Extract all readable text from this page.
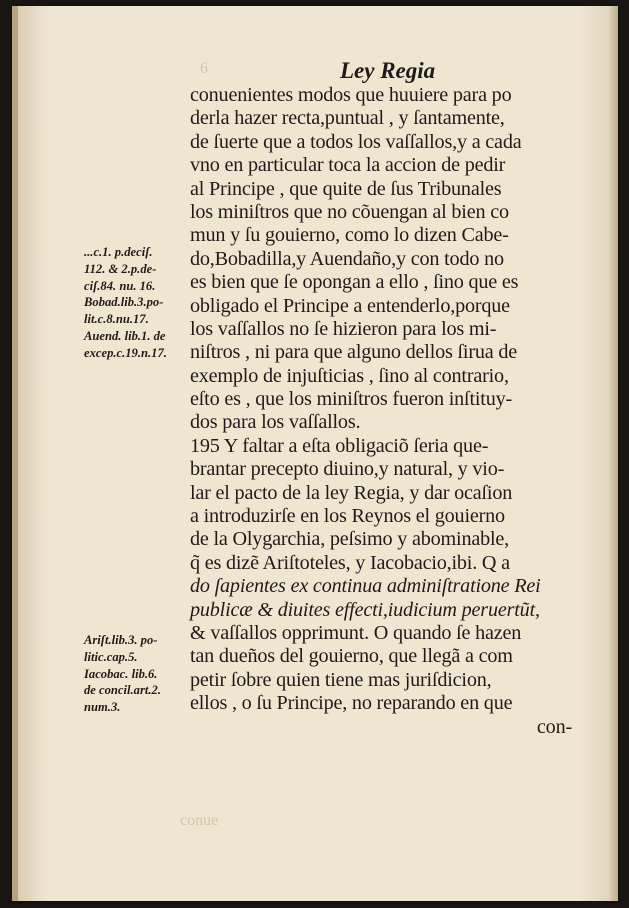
6
conue
Ley Regia
conuenientes modos que huuiere para po
derla hazer recta,puntual , y ſantamente,
de ſuerte que a todos los vaſſallos,y a cada
vno en particular toca la accion de pedir
al Principe , que quite de ſus Tribunales
los miniſtros que no cõuengan al bien co
mun y ſu gouierno, como lo dizen Cabe-
do,Bobadilla,y Auendaño,y con todo no
es bien que ſe opongan a ello , ſino que es
obligado el Principe a entenderlo,porque
los vaſſallos no ſe hizieron para los mi-
niſtros , ni para que alguno dellos ſirua de
exemplo de injuſticias , ſino al contrario,
eſto es , que los miniſtros fueron inſtituy-
dos para los vaſſallos.
195 Y faltar a eſta obligaciõ ſeria que-
brantar precepto diuino,y natural, y vio-
lar el pacto de la ley Regia, y dar ocaſion
a introduzirſe en los Reynos el gouierno
de la Olygarchia, peſsimo y abominable,
q̃ es dizẽ Ariſtoteles, y Iacobacio,ibi. Q a
do ſapientes ex continua adminiſtratione Rei
publicæ & diuites effecti,iudicium peruertũt,
& vaſſallos opprimunt. O quando ſe hazen
tan dueños del gouierno, que llegã a com
petir ſobre quien tiene mas juriſdicion,
ellos , o ſu Principe, no reparando en que
con-
...c.1. p.deciſ.
112. & 2.p.de-
ciſ.84. nu. 16.
Bobad.lib.3.po-
lit.c.8.nu.17.
Auend. lib.1. de
excep.c.19.n.17.
Ariſt.lib.3. po-
litic.cap.5.
Iacobac. lib.6.
de concil.art.2.
num.3.
